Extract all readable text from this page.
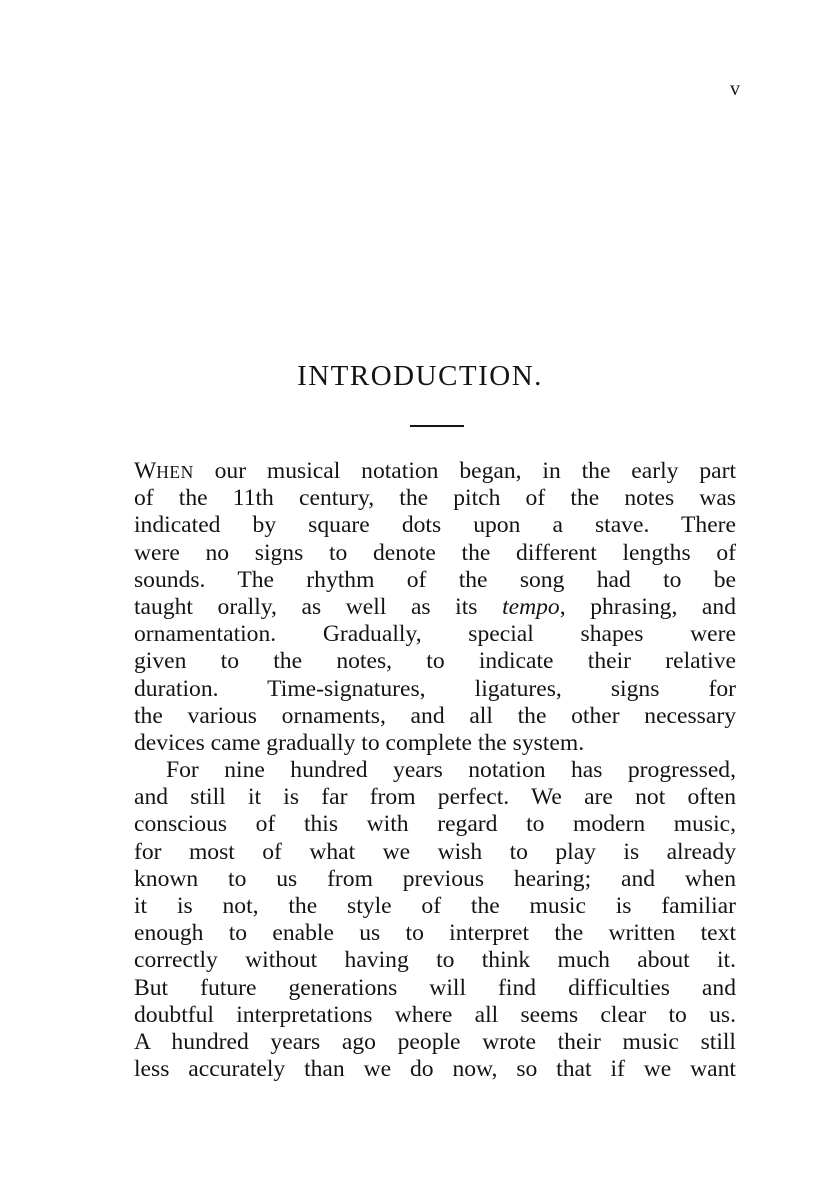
v
INTRODUCTION.
WHEN our musical notation began, in the early part
of the 11th century, the pitch of the notes was
indicated by square dots upon a stave. There
were no signs to denote the different lengths of
sounds. The rhythm of the song had to be
taught orally, as well as its tempo, phrasing, and
ornamentation. Gradually, special shapes were
given to the notes, to indicate their relative
duration. Time-signatures, ligatures, signs for
the various ornaments, and all the other necessary
devices came gradually to complete the system.
For nine hundred years notation has progressed,
and still it is far from perfect. We are not often
conscious of this with regard to modern music,
for most of what we wish to play is already
known to us from previous hearing; and when
it is not, the style of the music is familiar
enough to enable us to interpret the written text
correctly without having to think much about it.
But future generations will find difficulties and
doubtful interpretations where all seems clear to us.
A hundred years ago people wrote their music still
less accurately than we do now, so that if we want
